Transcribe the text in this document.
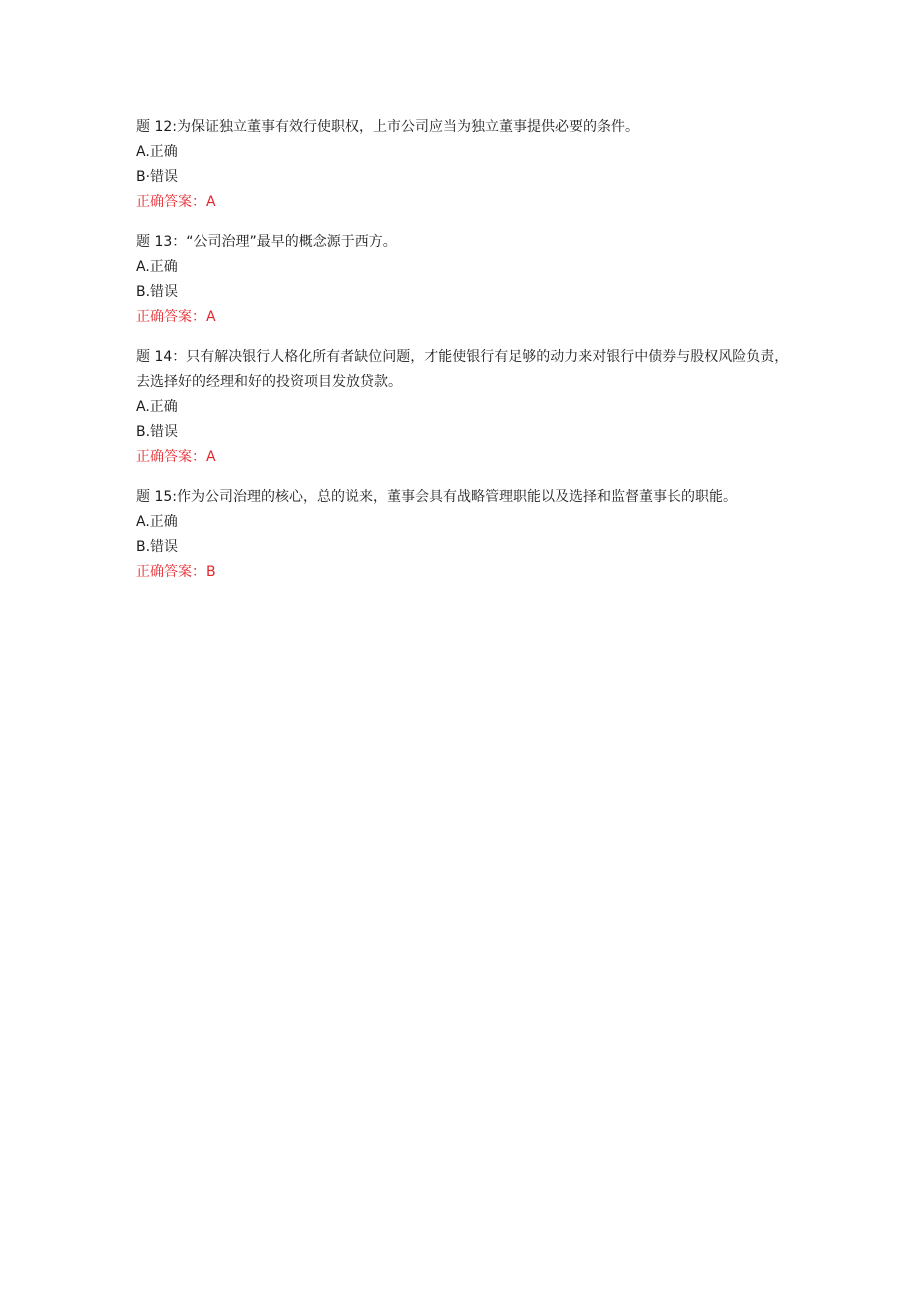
题 12:为保证独立董事有效行使职权，上市公司应当为独立董事提供必要的条件。
A.正确
B·错误
正确答案：A
题 13：“公司治理”最早的概念源于西方。
A.正确
B.错误
正确答案：A
题 14：只有解决银行人格化所有者缺位问题，才能使银行有足够的动力来对银行中债券与股权风险负责，去选择好的经理和好的投资项目发放贷款。
A.正确
B.错误
正确答案：A
题 15:作为公司治理的核心，总的说来，董事会具有战略管理职能以及选择和监督董事长的职能。
A.正确
B.错误
正确答案：B
